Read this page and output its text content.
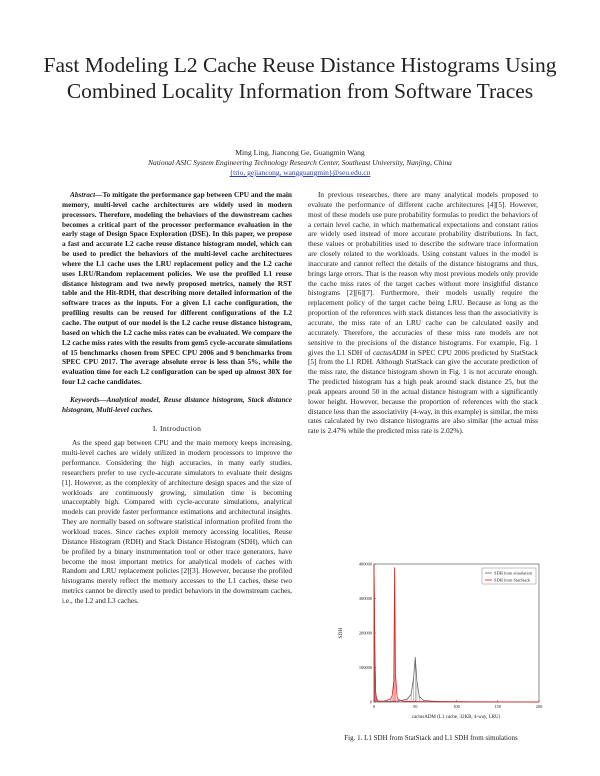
Fast Modeling L2 Cache Reuse Distance Histograms Using Combined Locality Information from Software Traces
Ming Ling, Jiancong Ge, Guangmin Wang
National ASIC System Engineering Technology Research Center, Southeast University, Nanjing, China
{trio, gejiancong, wangguangmin}@seu.edu.cn

Abstract—To mitigate the performance gap between CPU and the main memory, multi-level cache architectures are widely used in modern processors. Therefore, modeling the behaviors of the downstream caches becomes a critical part of the processor performance evaluation in the early stage of Design Space Exploration (DSE). In this paper, we propose a fast and accurate L2 cache reuse distance histogram model, which can be used to predict the behaviors of the multi-level cache architectures where the L1 cache uses the LRU replacement policy and the L2 cache uses LRU/Random replacement policies. We use the profiled L1 reuse distance histogram and two newly proposed metrics, namely the RST table and the Hit-RDH, that describing more detailed information of the software traces as the inputs. For a given L1 cache configuration, the profiling results can be reused for different configurations of the L2 cache. The output of our model is the L2 cache reuse distance histogram, based on which the L2 cache miss rates can be evaluated. We compare the L2 cache miss rates with the results from gem5 cycle-accurate simulations of 15 benchmarks chosen from SPEC CPU 2006 and 9 benchmarks from SPEC CPU 2017. The average absolute error is less than 5%, while the evaluation time for each L2 configuration can be sped up almost 30X for four L2 cache candidates.

Keywords—Analytical model, Reuse distance histogram, Stack distance histogram, Multi-level caches.

I. Introduction

As the speed gap between CPU and the main memory keeps increasing, multi-level caches are widely utilized in modern processors to improve the performance. Considering the high accuracies, in many early studies, researchers prefer to use cycle-accurate simulators to evaluate their designs [1]. However, as the complexity of architecture design spaces and the size of workloads are continuously growing, simulation time is becoming unacceptably high. Compared with cycle-accurate simulations, analytical models can provide faster performance estimations and architectural insights. They are normally based on software statistical information profiled from the workload traces. Since caches exploit memory accessing localities, Reuse Distance Histogram (RDH) and Stack Distance Histogram (SDH), which can be profiled by a binary instrumentation tool or other trace generators, have become the most important metrics for analytical models of caches with Random and LRU replacement policies [2][3]. However, because the profiled histograms merely reflect the memory accesses to the L1 caches, these two metrics cannot be directly used to predict behaviors in the downstream caches, i.e., the L2 and L3 caches.

In previous researches, there are many analytical models proposed to evaluate the performance of different cache architectures [4][5]. However, most of these models use pure probability formulas to predict the behaviors of a certain level cache, in which mathematical expectations and constant ratios are widely used instead of more accurate probability distributions. In fact, these values or probabilities used to describe the software trace information are closely related to the workloads. Using constant values in the model is inaccurate and cannot reflect the details of the distance histograms and thus, brings large errors. That is the reason why most previous models only provide the cache miss rates of the target caches without more insightful distance histograms [2][6][7]. Furthermore, their models usually require the replacement policy of the target cache being LRU. Because as long as the proportion of the references with stack distances less than the associativity is accurate, the miss rate of an LRU cache can be calculated easily and accurately. Therefore, the accuracies of these miss rate models are not sensitive to the precisions of the distance histograms. For example, Fig. 1 gives the L1 SDH of cactusADM in SPEC CPU 2006 predicted by StatStack [5] from the L1 RDH. Although StatStack can give the accurate prediction of the miss rate, the distance histogram shown in Fig. 1 is not accurate enough. The predicted histogram has a high peak around stack distance 25, but the peak appears around 50 in the actual distance histogram with a significantly lower height. However, because the proportion of references with the stack distance less than the associativity (4-way, in this example) is similar, the miss rates calculated by two distance histograms are also similar (the actual miss rate is 2.47% while the predicted miss rate is 2.02%).

0
100000
200000
300000
400000
0	50	100	150	200
SDH
cactusADM (L1 cache, 32KB, 4-way, LRU)
SDH from simulation
SDH from StatStack
Fig. 1. L1 SDH from StatStack and L1 SDH from simulations
